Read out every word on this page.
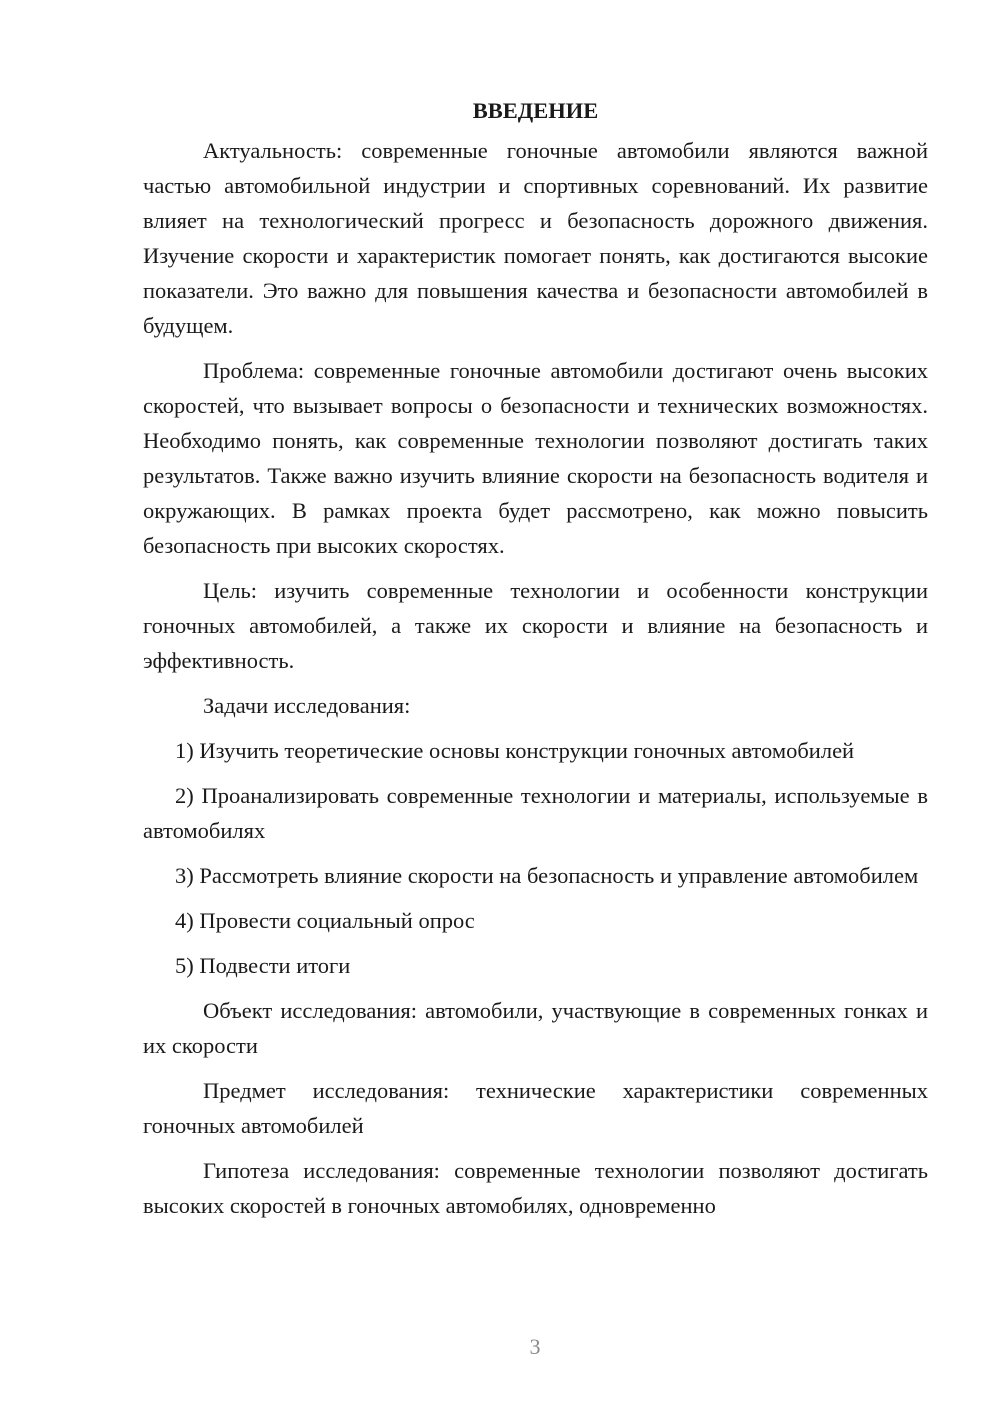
ВВЕДЕНИЕ

Актуальность: современные гоночные автомобили являются важной частью автомобильной индустрии и спортивных соревнований. Их развитие влияет на технологический прогресс и безопасность дорожного движения. Изучение скорости и характеристик помогает понять, как достигаются высокие показатели. Это важно для повышения качества и безопасности автомобилей в будущем.

Проблема: современные гоночные автомобили достигают очень высоких скоростей, что вызывает вопросы о безопасности и технических возможностях. Необходимо понять, как современные технологии позволяют достигать таких результатов. Также важно изучить влияние скорости на безопасность водителя и окружающих. В рамках проекта будет рассмотрено, как можно повысить безопасность при высоких скоростях.

Цель: изучить современные технологии и особенности конструкции гоночных автомобилей, а также их скорости и влияние на безопасность и эффективность.

Задачи исследования:

1) Изучить теоретические основы конструкции гоночных автомобилей

2) Проанализировать современные технологии и материалы, используемые в автомобилях

3) Рассмотреть влияние скорости на безопасность и управление автомобилем

4) Провести социальный опрос

5) Подвести итоги

Объект исследования: автомобили, участвующие в современных гонках и их скорости

Предмет исследования: технические характеристики современных гоночных автомобилей

Гипотеза исследования: современные технологии позволяют достигать высоких скоростей в гоночных автомобилях, одновременно

3
